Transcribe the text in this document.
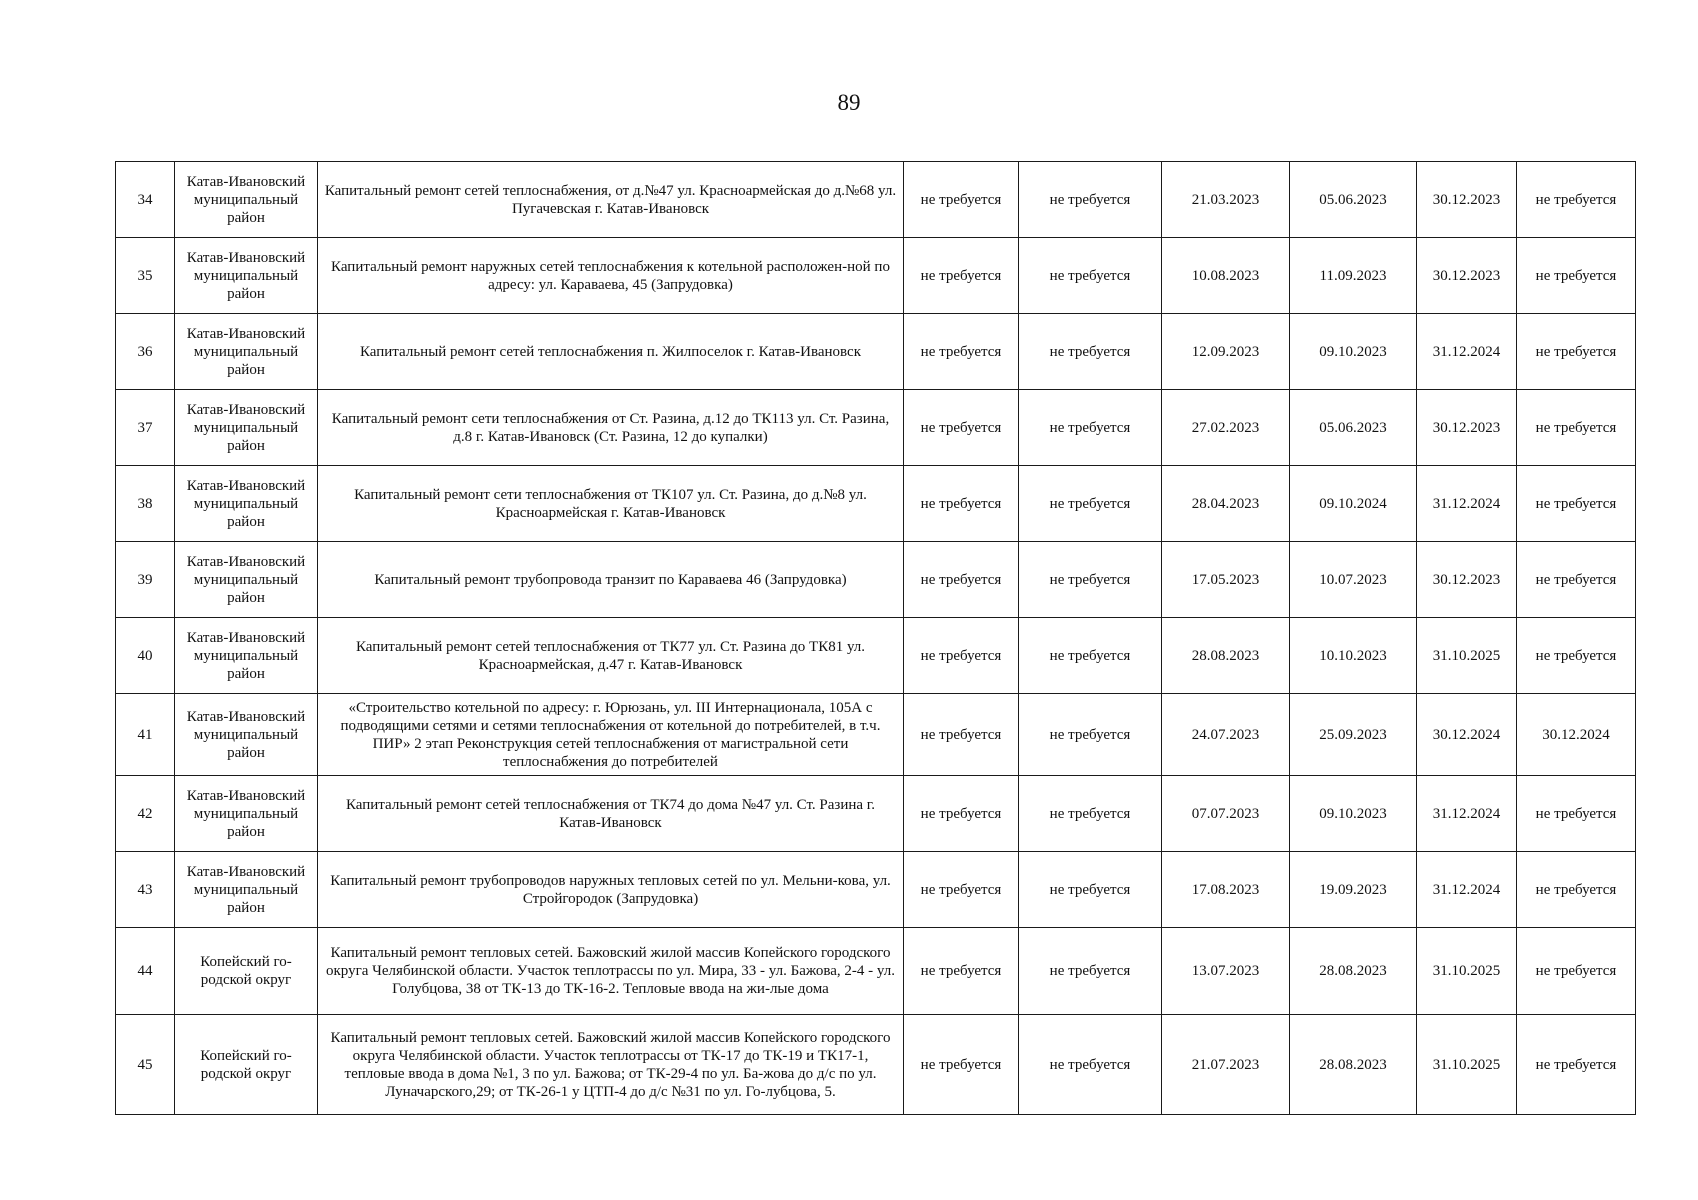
89
34	Катав-Ивановский муниципальный район	Капитальный ремонт сетей теплоснабжения, от д.№47 ул. Красноармейская до д.№68 ул. Пугачевская г. Катав-Ивановск	не требуется	не требуется	21.03.2023	05.06.2023	30.12.2023	не требуется
35	Катав-Ивановский муниципальный район	Капитальный ремонт наружных сетей теплоснабжения к котельной расположен-ной по адресу: ул. Караваева, 45 (Запрудовка)	не требуется	не требуется	10.08.2023	11.09.2023	30.12.2023	не требуется
36	Катав-Ивановский муниципальный район	Капитальный ремонт сетей теплоснабжения п. Жилпоселок г. Катав-Ивановск	не требуется	не требуется	12.09.2023	09.10.2023	31.12.2024	не требуется
37	Катав-Ивановский муниципальный район	Капитальный ремонт сети теплоснабжения от Ст. Разина, д.12 до ТК113 ул. Ст. Разина, д.8 г. Катав-Ивановск (Ст. Разина, 12 до купалки)	не требуется	не требуется	27.02.2023	05.06.2023	30.12.2023	не требуется
38	Катав-Ивановский муниципальный район	Капитальный ремонт сети теплоснабжения от ТК107 ул. Ст. Разина, до д.№8 ул. Красноармейская г. Катав-Ивановск	не требуется	не требуется	28.04.2023	09.10.2024	31.12.2024	не требуется
39	Катав-Ивановский муниципальный район	Капитальный ремонт трубопровода транзит по Караваева 46 (Запрудовка)	не требуется	не требуется	17.05.2023	10.07.2023	30.12.2023	не требуется
40	Катав-Ивановский муниципальный район	Капитальный ремонт сетей теплоснабжения от ТК77 ул. Ст. Разина до ТК81 ул. Красноармейская, д.47 г. Катав-Ивановск	не требуется	не требуется	28.08.2023	10.10.2023	31.10.2025	не требуется
41	Катав-Ивановский муниципальный район	«Строительство котельной по адресу: г. Юрюзань, ул. III Интернационала, 105А с подводящими сетями и сетями теплоснабжения от котельной до потребителей, в т.ч. ПИР» 2 этап Реконструкция сетей теплоснабжения от магистральной сети теплоснабжения до потребителей	не требуется	не требуется	24.07.2023	25.09.2023	30.12.2024	30.12.2024
42	Катав-Ивановский муниципальный район	Капитальный ремонт сетей теплоснабжения от ТК74 до дома №47 ул. Ст. Разина г. Катав-Ивановск	не требуется	не требуется	07.07.2023	09.10.2023	31.12.2024	не требуется
43	Катав-Ивановский муниципальный район	Капитальный ремонт трубопроводов наружных тепловых сетей по ул. Мельни-кова, ул. Стройгородок (Запрудовка)	не требуется	не требуется	17.08.2023	19.09.2023	31.12.2024	не требуется
44	Копейский го-родской округ	Капитальный ремонт тепловых сетей. Бажовский жилой массив Копейского городского округа Челябинской области. Участок теплотрассы по ул. Мира, 33 - ул. Бажова, 2-4 - ул. Голубцова, 38 от ТК-13 до ТК-16-2. Тепловые ввода на жи-лые дома	не требуется	не требуется	13.07.2023	28.08.2023	31.10.2025	не требуется
45	Копейский го-родской округ	Капитальный ремонт тепловых сетей. Бажовский жилой массив Копейского городского округа Челябинской области. Участок теплотрассы от ТК-17 до ТК-19 и ТК17-1, тепловые ввода в дома №1, 3 по ул. Бажова; от ТК-29-4 по ул. Ба-жова до д/с по ул. Луначарского,29; от ТК-26-1 у ЦТП-4 до д/с №31 по ул. Го-лубцова, 5.	не требуется	не требуется	21.07.2023	28.08.2023	31.10.2025	не требуется
